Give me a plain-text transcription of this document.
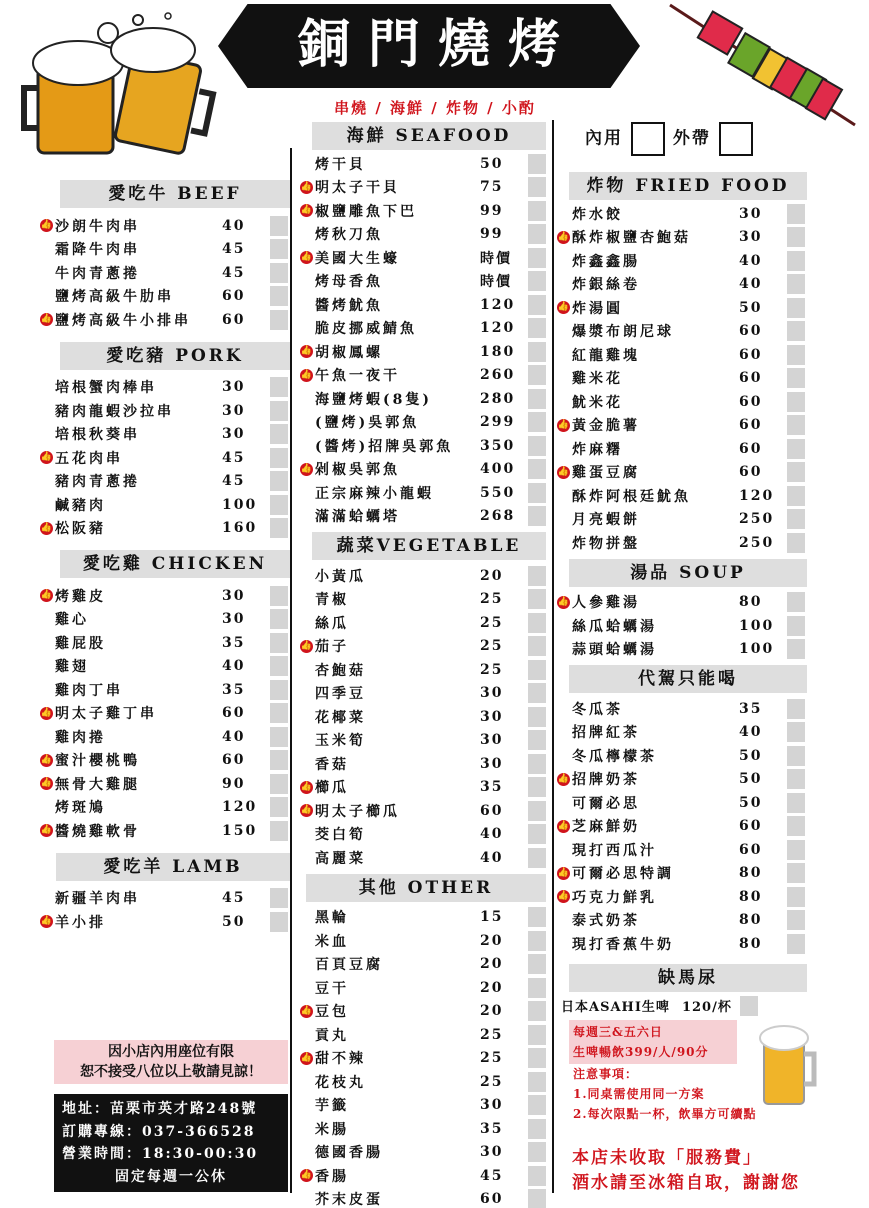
銅門燒烤
串燒 / 海鮮 / 炸物 / 小酌
愛吃牛 BEEF
👍 沙朗牛肉串	40
霜降牛肉串	45
牛肉青蔥捲	45
鹽烤高級牛肋串	60
👍 鹽烤高級牛小排串	60
愛吃豬 PORK
培根蟹肉棒串	30
豬肉龍蝦沙拉串	30
培根秋葵串	30
👍 五花肉串	45
豬肉青蔥捲	45
鹹豬肉	100
👍 松阪豬	160
愛吃雞 CHICKEN
👍 烤雞皮	30
雞心	30
雞屁股	35
雞翅	40
雞肉丁串	35
👍 明太子雞丁串	60
雞肉捲	40
👍 蜜汁櫻桃鴨	60
👍 無骨大雞腿	90
烤斑鳩	120
👍 醬燒雞軟骨	150
愛吃羊 LAMB
新疆羊肉串	45
👍 羊小排	50
因小店內用座位有限
恕不接受八位以上敬請見諒！
地址：苗栗市英才路248號
訂購專線：037-366528
營業時間：18:30-00:30
固定每週一公休
海鮮 SEAFOOD
烤干貝	50
👍 明太子干貝	75
👍 椒鹽雕魚下巴	99
烤秋刀魚	99
👍 美國大生蠔	時價
烤母香魚	時價
醬烤魷魚	120
脆皮挪威鯖魚	120
👍 胡椒鳳螺	180
👍 午魚一夜干	260
海鹽烤蝦(8隻)	280
(鹽烤)吳郭魚	299
(醬烤)招牌吳郭魚	350
👍 剁椒吳郭魚	400
正宗麻辣小龍蝦	550
滿滿蛤蠣塔	268
蔬菜VEGETABLE
小黃瓜	20
青椒	25
絲瓜	25
👍 茄子	25
杏鮑菇	25
四季豆	30
花椰菜	30
玉米筍	30
香菇	30
👍 櫛瓜	35
👍 明太子櫛瓜	60
茭白筍	40
高麗菜	40
其他 OTHER
黑輪	15
米血	20
百頁豆腐	20
豆干	20
👍 豆包	20
貢丸	25
👍 甜不辣	25
花枝丸	25
芋籤	30
米腸	35
德國香腸	30
👍 香腸	45
芥末皮蛋	60
內用	外帶
炸物 FRIED FOOD
炸水餃	30
👍 酥炸椒鹽杏鮑菇	30
炸鑫鑫腸	40
炸銀絲卷	40
👍 炸湯圓	50
爆漿布朗尼球	60
紅龍雞塊	60
雞米花	60
魷米花	60
👍 黃金脆薯	60
炸麻糬	60
👍 雞蛋豆腐	60
酥炸阿根廷魷魚	120
月亮蝦餅	250
炸物拼盤	250
湯品 SOUP
👍 人參雞湯	80
絲瓜蛤蠣湯	100
蒜頭蛤蠣湯	100
代駕只能喝
冬瓜茶	35
招牌紅茶	40
冬瓜檸檬茶	50
👍 招牌奶茶	50
可爾必思	50
👍 芝麻鮮奶	60
現打西瓜汁	60
👍 可爾必思特調	80
👍 巧克力鮮乳	80
泰式奶茶	80
現打香蕉牛奶	80
缺馬尿
日本ASAHI生啤 120/杯
每週三&五六日
生啤暢飲399/人/90分
注意事項：
1.同桌需使用同一方案
2.每次限點一杯，飲畢方可續點
本店未收取「服務費」
酒水請至冰箱自取，謝謝您
